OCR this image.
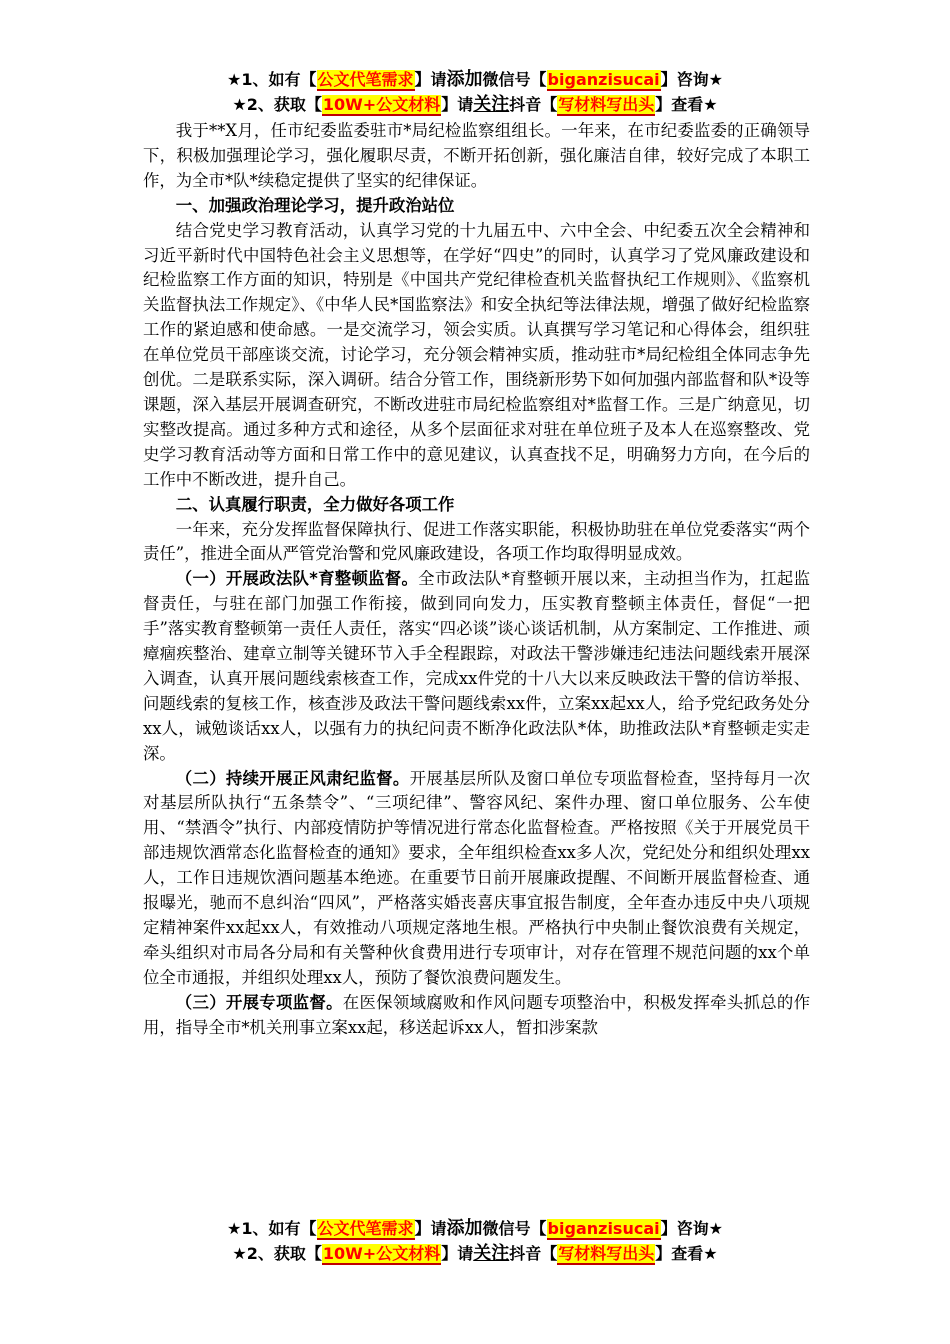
★1、如有【公文代笔需求】请添加微信号【biganzisucai】咨询★
★2、获取【10W+公文材料】请关注抖音【写材料写出头】查看★

我于**X月，任市纪委监委驻市*局纪检监察组组长。一年来，在市纪委监委的正确领导下，积极加强理论学习，强化履职尽责，不断开拓创新，强化廉洁自律，较好完成了本职工作，为全市*队*续稳定提供了坚实的纪律保证。

一、加强政治理论学习，提升政治站位

结合党史学习教育活动，认真学习党的十九届五中、六中全会、中纪委五次全会精神和习近平新时代中国特色社会主义思想等，在学好“四史”的同时，认真学习了党风廉政建设和纪检监察工作方面的知识，特别是《中国共产党纪律检查机关监督执纪工作规则》、《监察机关监督执法工作规定》、《中华人民*国监察法》和安全执纪等法律法规，增强了做好纪检监察工作的紧迫感和使命感。一是交流学习，领会实质。认真撰写学习笔记和心得体会，组织驻在单位党员干部座谈交流，讨论学习，充分领会精神实质，推动驻市*局纪检组全体同志争先创优。二是联系实际，深入调研。结合分管工作，围绕新形势下如何加强内部监督和队*设等课题，深入基层开展调查研究，不断改进驻市局纪检监察组对*监督工作。三是广纳意见，切实整改提高。通过多种方式和途径，从多个层面征求对驻在单位班子及本人在巡察整改、党史学习教育活动等方面和日常工作中的意见建议，认真查找不足，明确努力方向，在今后的工作中不断改进，提升自己。

二、认真履行职责，全力做好各项工作

一年来，充分发挥监督保障执行、促进工作落实职能，积极协助驻在单位党委落实“两个责任”，推进全面从严管党治警和党风廉政建设，各项工作均取得明显成效。

（一）开展政法队*育整顿监督。全市政法队*育整顿开展以来，主动担当作为，扛起监督责任，与驻在部门加强工作衔接，做到同向发力，压实教育整顿主体责任，督促“一把手”落实教育整顿第一责任人责任，落实“四必谈”谈心谈话机制，从方案制定、工作推进、顽瘴痼疾整治、建章立制等关键环节入手全程跟踪，对政法干警涉嫌违纪违法问题线索开展深入调查，认真开展问题线索核查工作，完成xx件党的十八大以来反映政法干警的信访举报、问题线索的复核工作，核查涉及政法干警问题线索xx件，立案xx起xx人，给予党纪政务处分xx人，诫勉谈话xx人，以强有力的执纪问责不断净化政法队*体，助推政法队*育整顿走实走深。

（二）持续开展正风肃纪监督。开展基层所队及窗口单位专项监督检查，坚持每月一次对基层所队执行“五条禁令”、“三项纪律”、警容风纪、案件办理、窗口单位服务、公车使用、“禁酒令”执行、内部疫情防护等情况进行常态化监督检查。严格按照《关于开展党员干部违规饮酒常态化监督检查的通知》要求，全年组织检查xx多人次，党纪处分和组织处理xx人，工作日违规饮酒问题基本绝迹。在重要节日前开展廉政提醒、不间断开展监督检查、通报曝光，驰而不息纠治“四风”，严格落实婚丧喜庆事宜报告制度，全年查办违反中央八项规定精神案件xx起xx人，有效推动八项规定落地生根。严格执行中央制止餐饮浪费有关规定，牵头组织对市局各分局和有关警种伙食费用进行专项审计，对存在管理不规范问题的xx个单位全市通报，并组织处理xx人，预防了餐饮浪费问题发生。

（三）开展专项监督。在医保领域腐败和作风问题专项整治中，积极发挥牵头抓总的作用，指导全市*机关刑事立案xx起，移送起诉xx人，暂扣涉案款

★1、如有【公文代笔需求】请添加微信号【biganzisucai】咨询★
★2、获取【10W+公文材料】请关注抖音【写材料写出头】查看★
